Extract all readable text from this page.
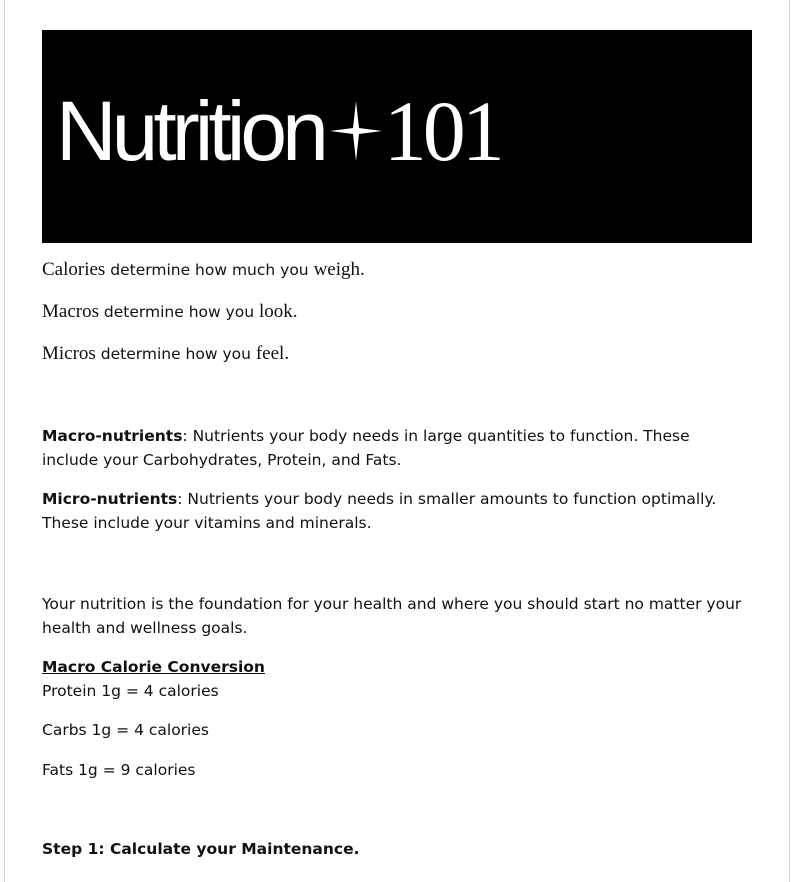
Nutrition 101
Calories determine how much you weigh.
Macros determine how you look.
Micros determine how you feel.
Macro-nutrients: Nutrients your body needs in large quantities to function. These include your Carbohydrates, Protein, and Fats.
Micro-nutrients: Nutrients your body needs in smaller amounts to function optimally. These include your vitamins and minerals.
Your nutrition is the foundation for your health and where you should start no matter your health and wellness goals.
Macro Calorie Conversion
Protein 1g = 4 calories
Carbs 1g = 4 calories
Fats 1g = 9 calories
Step 1: Calculate your Maintenance.
